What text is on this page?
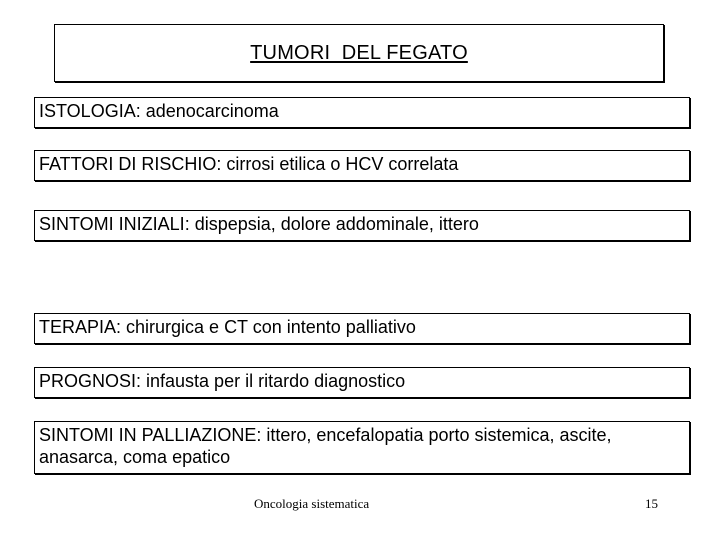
TUMORI  DEL FEGATO
ISTOLOGIA: adenocarcinoma
FATTORI DI RISCHIO: cirrosi etilica o HCV correlata
SINTOMI INIZIALI: dispepsia, dolore addominale, ittero
TERAPIA: chirurgica e CT con intento palliativo
PROGNOSI: infausta per il ritardo diagnostico
SINTOMI IN PALLIAZIONE: ittero, encefalopatia porto sistemica, ascite, anasarca, coma epatico
Oncologia sistematica	15
